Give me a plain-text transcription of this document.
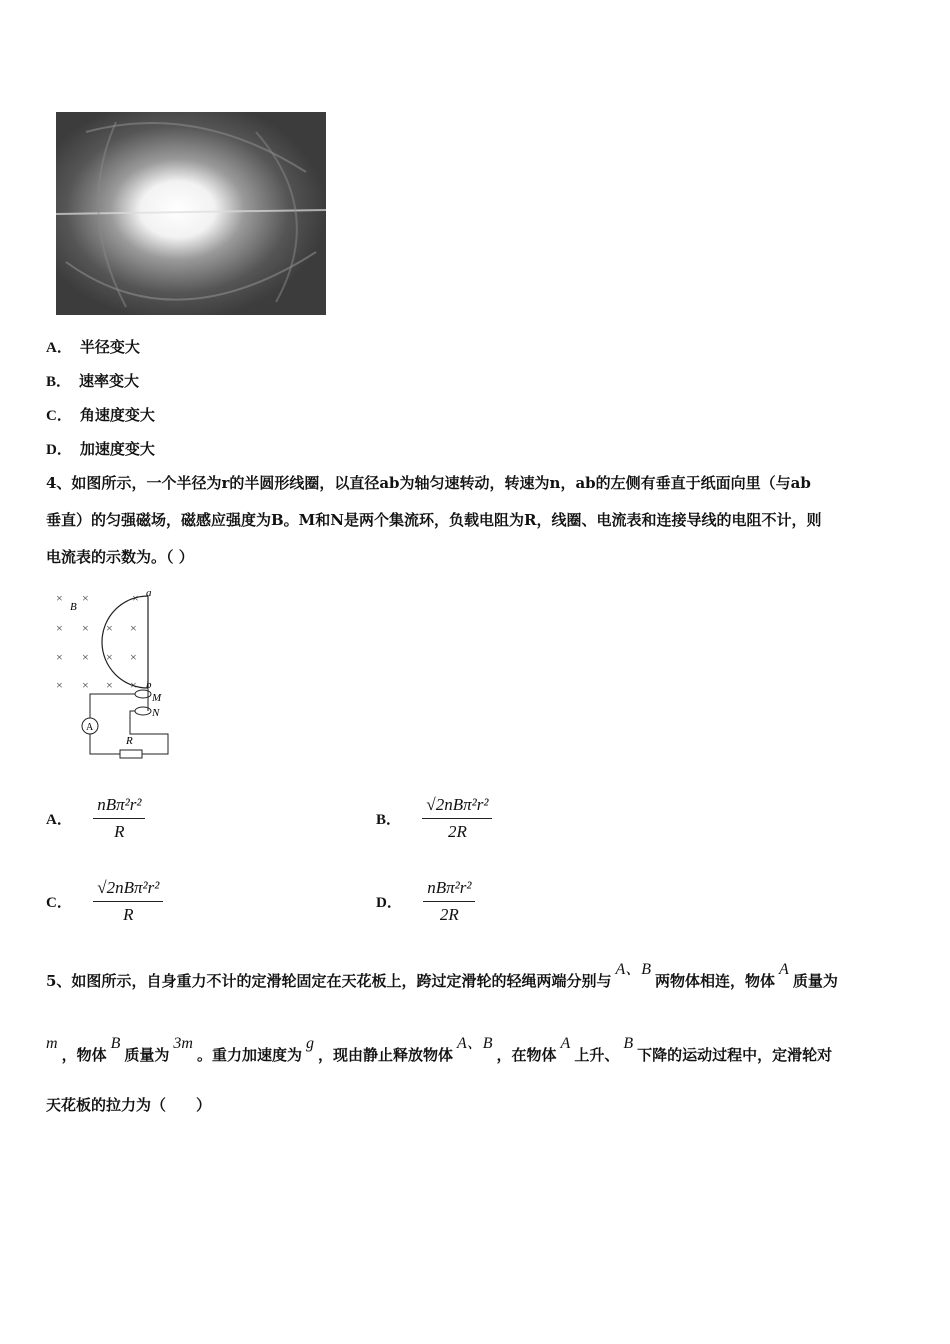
A． 半径变大
B． 速率变大
C． 角速度变大
D． 加速度变大
4、如图所示，一个半径为r的半圆形线圈，以直径ab为轴匀速转动，转速为n，ab的左侧有垂直于纸面向里（与ab
垂直）的匀强磁场，磁感应强度为B。M和N是两个集流环，负载电阻为R，线圈、电流表和连接导线的电阻不计，则
电流表的示数为。（ ）
× ×	×
× × × ×
× × × ×
× × × ×
B
a
b
M
N
R
A
A． $\frac{\text{nBπ²r²}}{R}$	B． $\frac{\text{√2nBπ²r²}}{2R}$
C． $\frac{\text{√2nBπ²r²}}{R}$	D． $\frac{\text{nBπ²r²}}{2R}$
5、如图所示，自身重力不计的定滑轮固定在天花板上，跨过定滑轮的轻绳两端分别与A、B两物体相连，物体A质量为
m，物体B质量为3m。重力加速度为g，现由静止释放物体A、B，在物体A上升、B下降的运动过程中，定滑轮对
天花板的拉力为（　　）
